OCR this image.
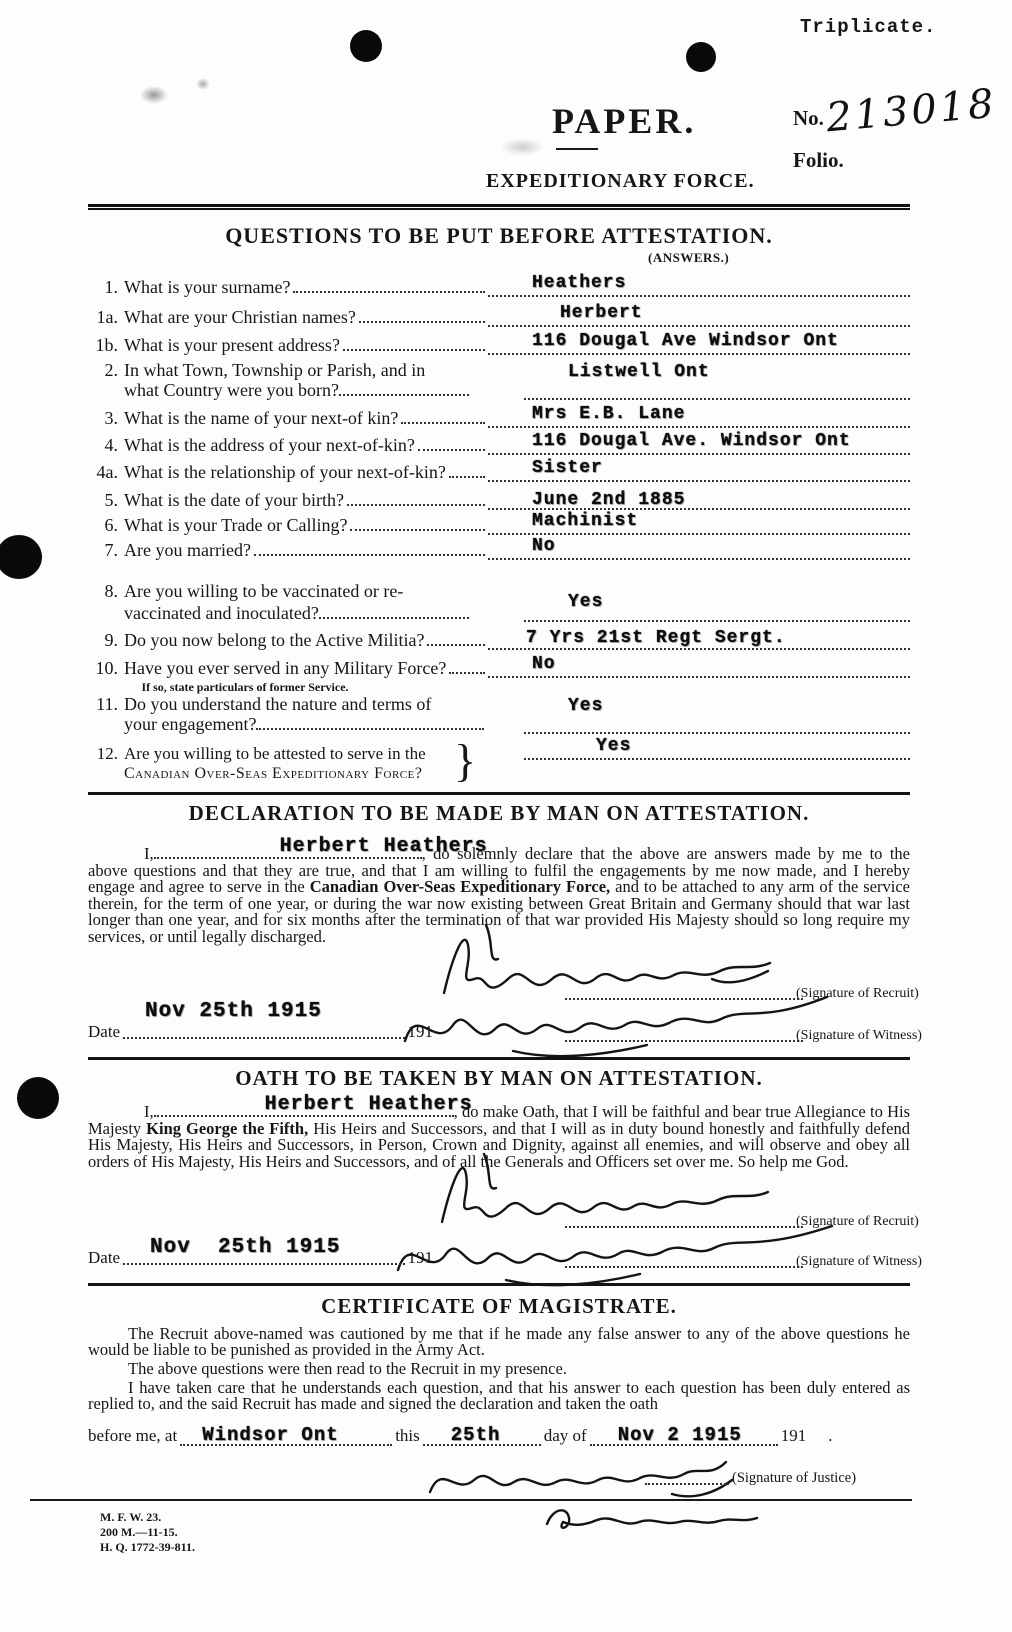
Triplicate.
PAPER.	No. 213018
Folio.
EXPEDITIONARY FORCE.
QUESTIONS TO BE PUT BEFORE ATTESTATION.
(ANSWERS.)
1. What is your surname?	Heathers
1a. What are your Christian names?	Herbert
1b. What is your present address?	116 Dougal Ave Windsor Ont
2. In what Town, Township or Parish, and in
what Country were you born?
Listwell Ont
3. What is the name of your next-of kin?	Mrs E.B. Lane
4. What is the address of your next-of-kin?	116 Dougal Ave. Windsor Ont
4a. What is the relationship of your next-of-kin?	Sister
5. What is the date of your birth?	June 2nd 1885
6. What is your Trade or Calling?	Machinist
7. Are you married?	No
8. Are you willing to be vaccinated or re-
vaccinated and inoculated?
Yes
9. Do you now belong to the Active Militia?	7 Yrs 21st Regt Sergt.
10. Have you ever served in any Military Force?	No
If so, state particulars of former Service.
11. Do you understand the nature and terms of
your engagement?
Yes
12. Are you willing to be attested to serve in the
Canadian Over-Seas Expeditionary Force? }	Yes
DECLARATION TO BE MADE BY MAN ON ATTESTATION.

I,	Herbert Heathers
, do solemnly declare that the above are answers made by me to the above questions and that they are true, and that I am willing to fulfil the engagements by me now made, and I hereby engage and agree to serve in the Canadian Over-Seas Expeditionary Force, and to be attached to any arm of the service therein, for the term of one year, or during the war now existing between Great Britain and Germany should that war last longer than one year, and for six months after the termination of that war provided His Majesty should so long require my services, or until legally discharged.

(Signature of Recruit)
Nov 25th 1915
Date	191	(Signature of Witness)
OATH TO BE TAKEN BY MAN ON ATTESTATION.

I,	Herbert Heathers
, do make Oath, that I will be faithful and bear true Allegiance to His Majesty King George the Fifth, His Heirs and Successors, and that I will as in duty bound honestly and faithfully defend His Majesty, His Heirs and Successors, in Person, Crown and Dignity, against all enemies, and will observe and obey all orders of His Majesty, His Heirs and Successors, and of all the Generals and Officers set over me. So help me God.

(Signature of Recruit)
Nov  25th 1915
Date	191	(Signature of Witness)
CERTIFICATE OF MAGISTRATE.

The Recruit above-named was cautioned by me that if he made any false answer to any of the above questions he would be liable to be punished as provided in the Army Act.

The above questions were then read to the Recruit in my presence.

I have taken care that he understands each question, and that his answer to each question has been duly entered as replied to, and the said Recruit has made and signed the declaration and taken the oath

before me, at Windsor Ont	this 25th	day of Nov 2 1915 191 .
(Signature of Justice)
M. F. W. 23.
200 M.—11-15.
H. Q. 1772-39-811.
